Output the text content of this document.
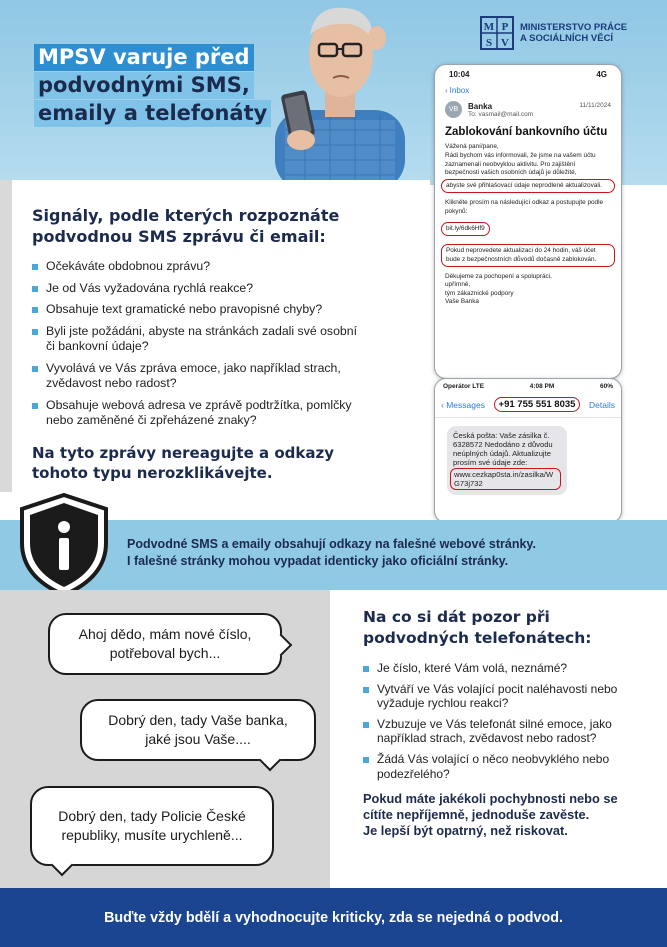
MPSV varuje před
podvodnými SMS,
emaily a telefonáty
M P
S V
MINISTERSTVO PRÁCE
A SOCIÁLNÍCH VĚCÍ
Signály, podle kterých rozpoznáte podvodnou SMS zprávu či email:
Očekáváte obdobnou zprávu?
Je od Vás vyžadována rychlá reakce?
Obsahuje text gramatické nebo pravopisné chyby?
Byli jste požádáni, abyste na stránkách zadali své osobní či bankovní údaje?
Vyvolává ve Vás zpráva emoce, jako například strach, zvědavost nebo radost?
Obsahuje webová adresa ve zprávě podtržítka, pomlčky nebo zaměněné či zpřeházené znaky?
Na tyto zprávy nereagujte a odkazy tohoto typu nerozklikávejte.
10:04	4G
‹ Inbox
VB	Banka
To: vasmail@mail.com
11/11/2024
Zablokování bankovního účtu

Vážená paní/pane,

Rádi bychom vás informovali, že jsme na vašem účtu zaznamenali neobvyklou aktivitu. Pro zajištění bezpečnosti vašich osobních údajů je důležité,

abyste své přihlašovací údaje neprodleně aktualizovali.

Klikněte prosím na následující odkaz a postupujte podle pokynů:

bit.ly/6dk6Hf9
Pokud neprovedete aktualizaci do 24 hodin, váš účet bude z bezpečnostních důvodů dočasně zablokován.

Děkujeme za pochopení a spolupráci.
upřímně,
tým zákaznické podpory
Vaše Banka

Operátor LTE	4:08 PM	60%
‹ Messages	+91 755 551 8035	Details
Česká pošta: Vaše zásilka č. 6328572 Nedodáno z důvodu neúplných údajů. Aktualizujte prosím své údaje zde:
www.cezkap0sta.in/zasilka/WG73j732
Podvodné SMS a emaily obsahují odkazy na falešné webové stránky.
I falešné stránky mohou vypadat identicky jako oficiální stránky.
Ahoj dědo, mám nové číslo, potřeboval bych...
Dobrý den, tady Vaše banka, jaké jsou Vaše....
Dobrý den, tady Policie České republiky, musíte urychleně...
Na co si dát pozor při podvodných telefonátech:
Je číslo, které Vám volá, neznámé?
Vytváří ve Vás volající pocit naléhavosti nebo vyžaduje rychlou reakci?
Vzbuzuje ve Vás telefonát silné emoce, jako například strach, zvědavost nebo radost?
Žádá Vás volající o něco neobvyklého nebo podezřelého?
Pokud máte jakékoli pochybnosti nebo se cítíte nepříjemně, jednoduše zavěste.
Je lepší být opatrný, než riskovat.
Buďte vždy bdělí a vyhodnocujte kriticky, zda se nejedná o podvod.
